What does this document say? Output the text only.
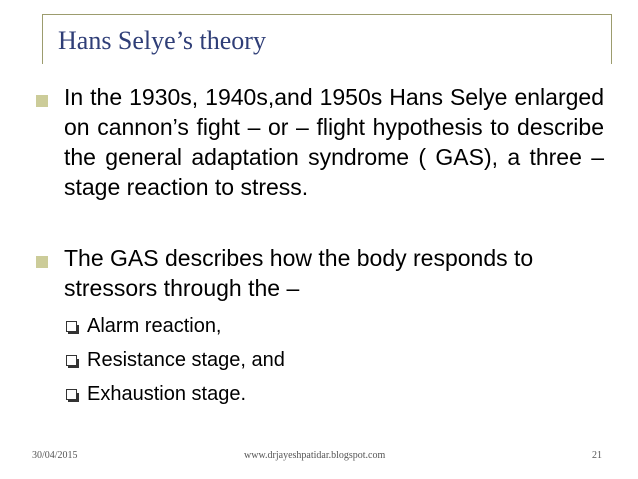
Hans Selye’s theory

In the 1930s, 1940s,and 1950s Hans Selye enlarged on cannon’s fight – or – flight hypothesis to describe the general adaptation syndrome ( GAS), a three – stage reaction to stress.

The GAS describes how the body responds to stressors through the –

Alarm reaction,
Resistance stage, and
Exhaustion stage.
30/04/2015	www.drjayeshpatidar.blogspot.com	21
